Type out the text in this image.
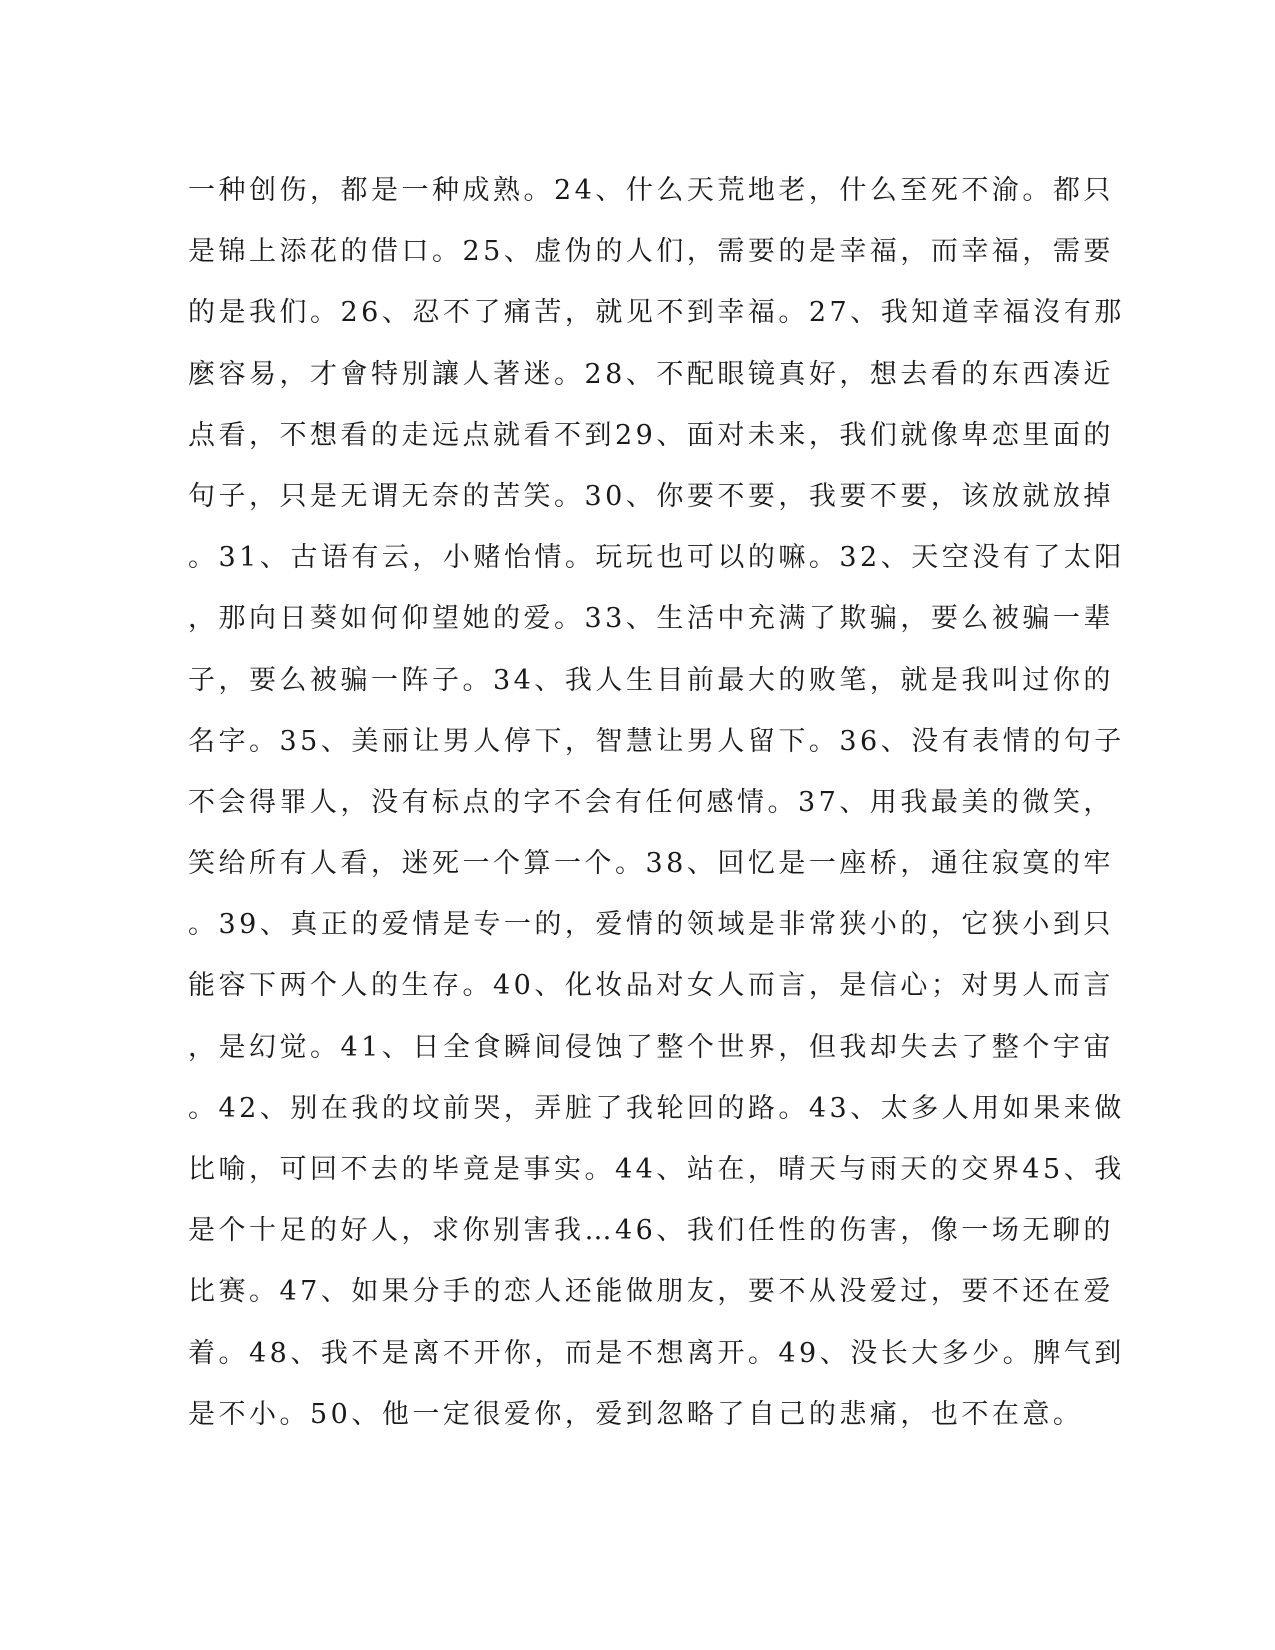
一种创伤，都是一种成熟。24、什么天荒地老，什么至死不渝。都只
是锦上添花的借口。25、虚伪的人们，需要的是幸福，而幸福，需要
的是我们。26、忍不了痛苦，就见不到幸福。27、我知道幸福沒有那
麽容易，才會特別讓人著迷。28、不配眼镜真好，想去看的东西凑近
点看，不想看的走远点就看不到29、面对未来，我们就像卑恋里面的
句子，只是无谓无奈的苦笑。30、你要不要，我要不要，该放就放掉
。31、古语有云，小赌怡情。玩玩也可以的嘛。32、天空没有了太阳
，那向日葵如何仰望她的爱。33、生活中充满了欺骗，要么被骗一辈
子，要么被骗一阵子。34、我人生目前最大的败笔，就是我叫过你的
名字。35、美丽让男人停下，智慧让男人留下。36、没有表情的句子
不会得罪人，没有标点的字不会有任何感情。37、用我最美的微笑，
笑给所有人看，迷死一个算一个。38、回忆是一座桥，通往寂寞的牢
。39、真正的爱情是专一的，爱情的领域是非常狭小的，它狭小到只
能容下两个人的生存。40、化妆品对女人而言，是信心；对男人而言
，是幻觉。41、日全食瞬间侵蚀了整个世界，但我却失去了整个宇宙
。42、别在我的坟前哭，弄脏了我轮回的路。43、太多人用如果来做
比喻，可回不去的毕竟是事实。44、站在，晴天与雨天的交界45、我
是个十足的好人，求你别害我…46、我们任性的伤害，像一场无聊的
比赛。47、如果分手的恋人还能做朋友，要不从没爱过，要不还在爱
着。48、我不是离不开你，而是不想离开。49、没长大多少。脾气到
是不小。50、他一定很爱你，爱到忽略了自己的悲痛，也不在意。
